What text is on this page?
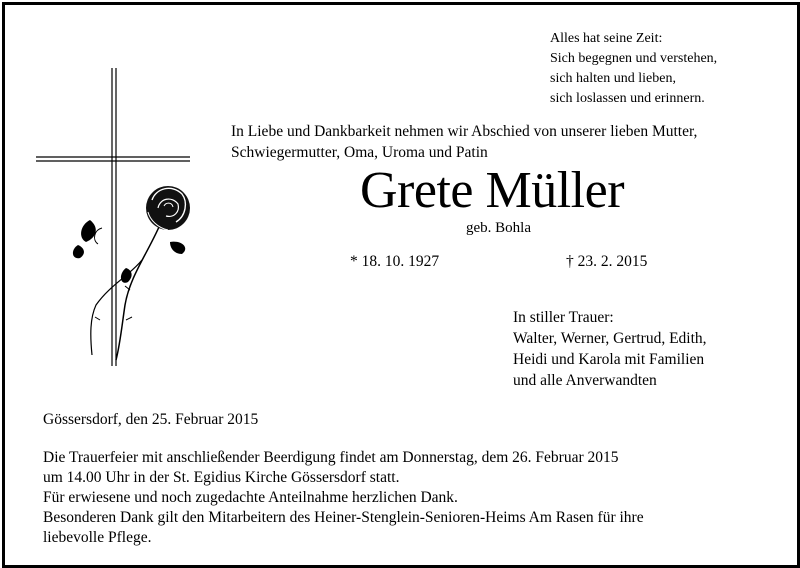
Alles hat seine Zeit:
Sich begegnen und verstehen,
sich halten und lieben,
sich loslassen und erinnern.
In Liebe und Dankbarkeit nehmen wir Abschied von unserer lieben Mutter,
Schwiegermutter, Oma, Uroma und Patin
Grete Müller
geb. Bohla
* 18. 10. 1927	† 23. 2. 2015
In stiller Trauer:
Walter, Werner, Gertrud, Edith,
Heidi und Karola mit Familien
und alle Anverwandten
Gössersdorf, den 25. Februar 2015
Die Trauerfeier mit anschließender Beerdigung findet am Donnerstag, dem 26. Februar 2015
um 14.00 Uhr in der St. Egidius Kirche Gössersdorf statt.
Für erwiesene und noch zugedachte Anteilnahme herzlichen Dank.
Besonderen Dank gilt den Mitarbeitern des Heiner-Stenglein-Senioren-Heims Am Rasen für ihre
liebevolle Pflege.
